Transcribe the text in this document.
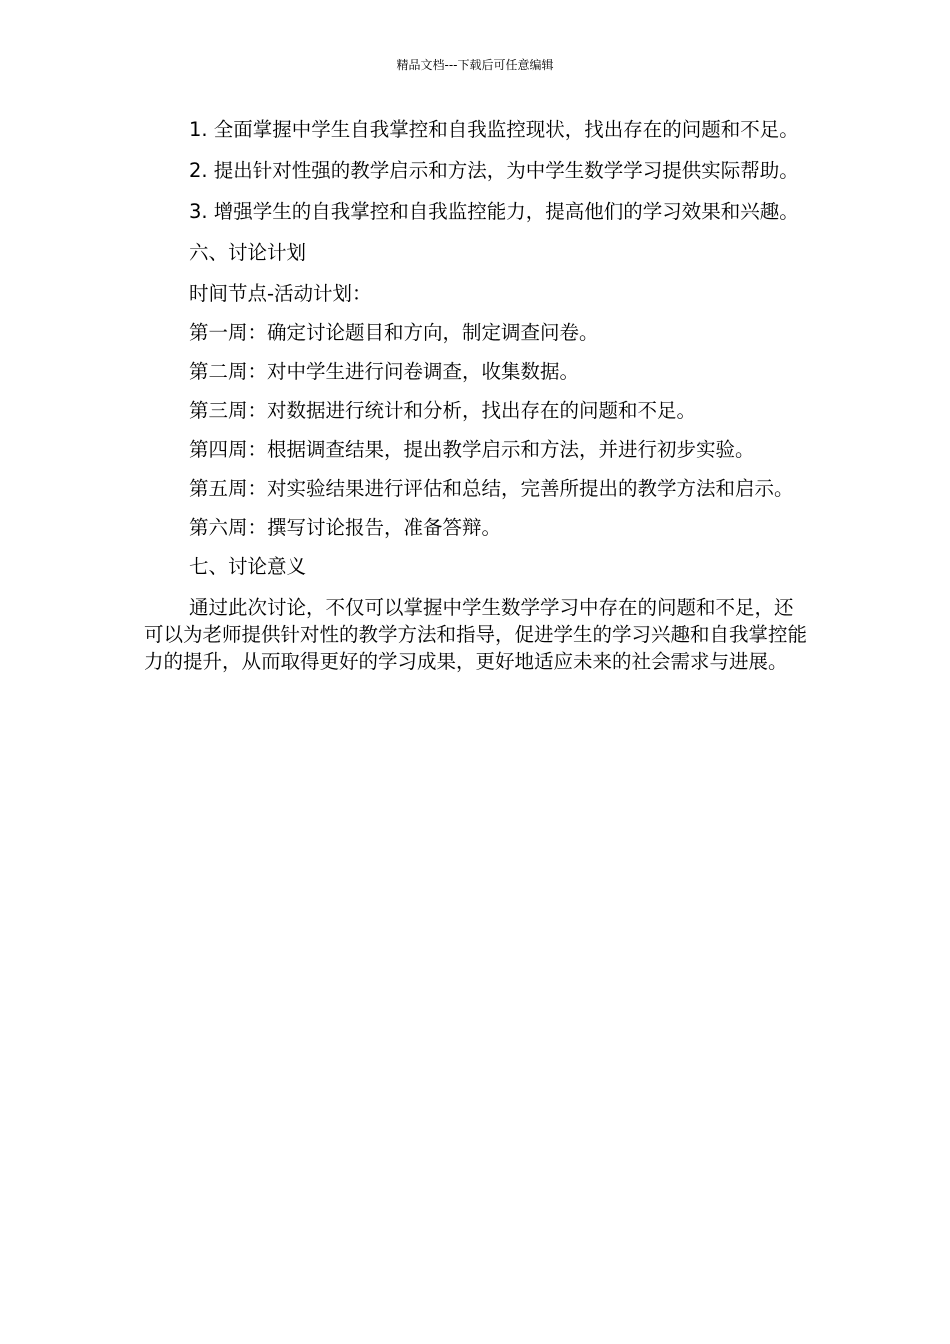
精品文档---下载后可任意编辑

1. 全面掌握中学生自我掌控和自我监控现状，找出存在的问题和不足。

2. 提出针对性强的教学启示和方法，为中学生数学学习提供实际帮助。

3. 增强学生的自我掌控和自我监控能力，提高他们的学习效果和兴趣。

六、讨论计划

时间节点-活动计划：

第一周：确定讨论题目和方向，制定调查问卷。

第二周：对中学生进行问卷调查，收集数据。

第三周：对数据进行统计和分析，找出存在的问题和不足。

第四周：根据调查结果，提出教学启示和方法，并进行初步实验。

第五周：对实验结果进行评估和总结，完善所提出的教学方法和启示。

第六周：撰写讨论报告，准备答辩。

七、讨论意义

通过此次讨论，不仅可以掌握中学生数学学习中存在的问题和不足，还可以为老师提供针对性的教学方法和指导，促进学生的学习兴趣和自我掌控能力的提升，从而取得更好的学习成果，更好地适应未来的社会需求与进展。
